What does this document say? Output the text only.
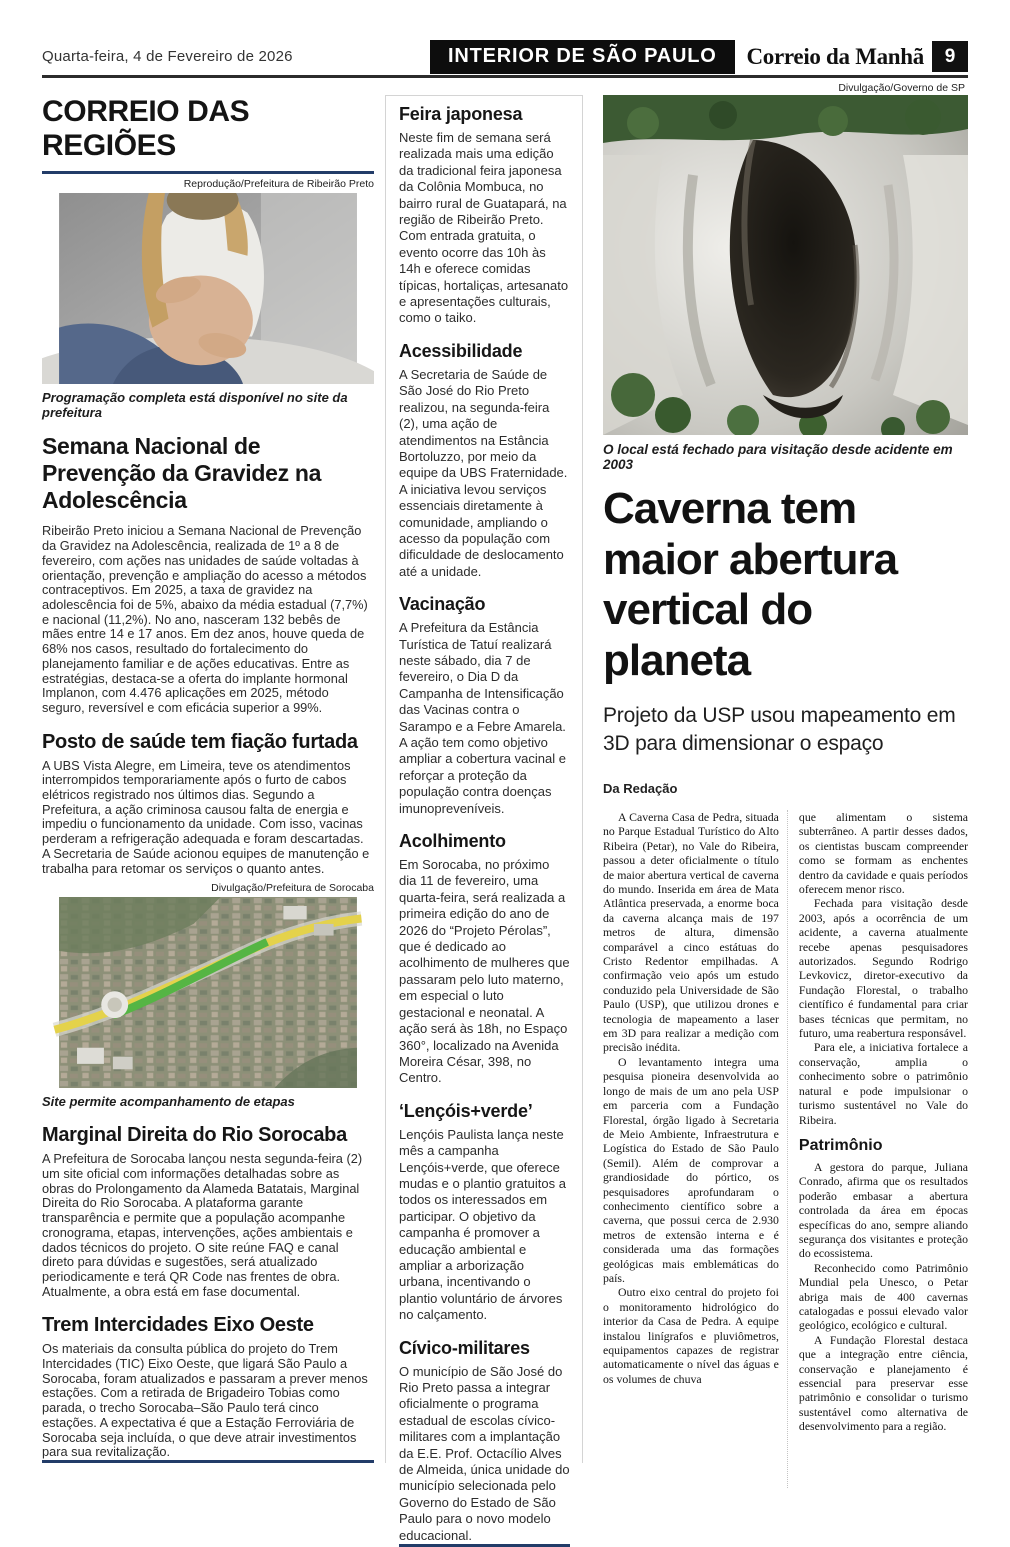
Quarta-feira, 4 de Fevereiro de 2026	INTERIOR DE SÃO PAULO	Correio da Manhã	9
Divulgação/Governo de SP
CORREIO DAS REGIÕES
Reprodução/Prefeitura de Ribeirão Preto
Programação completa está disponível no site da prefeitura
Semana Nacional de Prevenção da Gravidez na Adolescência

Ribeirão Preto iniciou a Semana Nacional de Prevenção da Gravidez na Adolescência, realizada de 1º a 8 de fevereiro, com ações nas unidades de saúde voltadas à orientação, prevenção e ampliação do acesso a métodos contraceptivos. Em 2025, a taxa de gravidez na adolescência foi de 5%, abaixo da média estadual (7,7%) e nacional (11,2%). No ano, nasceram 132 bebês de mães entre 14 e 17 anos. Em dez anos, houve queda de 68% nos casos, resultado do fortalecimento do planejamento familiar e de ações educativas. Entre as estratégias, destaca-se a oferta do implante hormonal Implanon, com 4.476 aplicações em 2025, método seguro, reversível e com eficácia superior a 99%.

Posto de saúde tem fiação furtada

A UBS Vista Alegre, em Limeira, teve os atendimentos interrompidos temporariamente após o furto de cabos elétricos registrado nos últimos dias. Segundo a Prefeitura, a ação criminosa causou falta de energia e impediu o funcionamento da unidade. Com isso, vacinas perderam a refrigeração adequada e foram descartadas. A Secretaria de Saúde acionou equipes de manutenção e trabalha para retomar os serviços o quanto antes.

Divulgação/Prefeitura de Sorocaba
Site permite acompanhamento de etapas
Marginal Direita do Rio Sorocaba

A Prefeitura de Sorocaba lançou nesta segunda-feira (2) um site oficial com informações detalhadas sobre as obras do Prolongamento da Alameda Batatais, Marginal Direita do Rio Sorocaba. A plataforma garante transparência e permite que a população acompanhe cronograma, etapas, intervenções, ações ambientais e dados técnicos do projeto. O site reúne FAQ e canal direto para dúvidas e sugestões, será atualizado periodicamente e terá QR Code nas frentes de obra. Atualmente, a obra está em fase documental.

Trem Intercidades Eixo Oeste

Os materiais da consulta pública do projeto do Trem Intercidades (TIC) Eixo Oeste, que ligará São Paulo a Sorocaba, foram atualizados e passaram a prever menos estações. Com a retirada de Brigadeiro Tobias como parada, o trecho Sorocaba–São Paulo terá cinco estações. A expectativa é que a Estação Ferroviária de Sorocaba seja incluída, o que deve atrair investimentos para sua revitalização.

Feira japonesa

Neste fim de semana será realizada mais uma edição da tradicional feira japonesa da Colônia Mombuca, no bairro rural de Guatapará, na região de Ribeirão Preto. Com entrada gratuita, o evento ocorre das 10h às 14h e oferece comidas típicas, hortaliças, artesanato e apresentações culturais, como o taiko.

Acessibilidade

A Secretaria de Saúde de São José do Rio Preto realizou, na segunda-feira (2), uma ação de atendimentos na Estância Bortoluzzo, por meio da equipe da UBS Fraternidade. A iniciativa levou serviços essenciais diretamente à comunidade, ampliando o acesso da população com dificuldade de deslocamento até a unidade.

Vacinação

A Prefeitura da Estância Turística de Tatuí realizará neste sábado, dia 7 de fevereiro, o Dia D da Campanha de Intensificação das Vacinas contra o Sarampo e a Febre Amarela. A ação tem como objetivo ampliar a cobertura vacinal e reforçar a proteção da população contra doenças imunopreveníveis.

Acolhimento

Em Sorocaba, no próximo dia 11 de fevereiro, uma quarta-feira, será realizada a primeira edição do ano de 2026 do “Projeto Pérolas”, que é dedicado ao acolhimento de mulheres que passaram pelo luto materno, em especial o luto gestacional e neonatal. A ação será às 18h, no Espaço 360°, localizado na Avenida Moreira César, 398, no Centro.

‘Lençóis+verde’

Lençóis Paulista lança neste mês a campanha Lençóis+verde, que oferece mudas e o plantio gratuitos a todos os interessados em participar. O objetivo da campanha é promover a educação ambiental e ampliar a arborização urbana, incentivando o plantio voluntário de árvores no calçamento.

Cívico-militares

O município de São José do Rio Preto passa a integrar oficialmente o programa estadual de escolas cívico-militares com a implantação da E.E. Prof. Octacílio Alves de Almeida, única unidade do município selecionada pelo Governo do Estado de São Paulo para o novo modelo educacional.

O local está fechado para visitação desde acidente em 2003
Caverna tem maior abertura vertical do planeta
Projeto da USP usou mapeamento em 3D para dimensionar o espaço
Da Redação

A Caverna Casa de Pedra, situada no Parque Estadual Turístico do Alto Ribeira (Petar), no Vale do Ribeira, passou a deter oficialmente o título de maior abertura vertical de caverna do mundo. Inserida em área de Mata Atlântica preservada, a enorme boca da caverna alcança mais de 197 metros de altura, dimensão comparável a cinco estátuas do Cristo Redentor empilhadas. A confirmação veio após um estudo conduzido pela Universidade de São Paulo (USP), que utilizou drones e tecnologia de mapeamento a laser em 3D para realizar a medição com precisão inédita.

O levantamento integra uma pesquisa pioneira desenvolvida ao longo de mais de um ano pela USP em parceria com a Fundação Florestal, órgão ligado à Secretaria de Meio Ambiente, Infraestrutura e Logística do Estado de São Paulo (Semil). Além de comprovar a grandiosidade do pórtico, os pesquisadores aprofundaram o conhecimento científico sobre a caverna, que possui cerca de 2.930 metros de extensão interna e é considerada uma das formações geológicas mais emblemáticas do país.

Outro eixo central do projeto foi o monitoramento hidrológico do interior da Casa de Pedra. A equipe instalou linígrafos e pluviômetros, equipamentos capazes de registrar automaticamente o nível das águas e os volumes de chuva

que alimentam o sistema subterrâneo. A partir desses dados, os cientistas buscam compreender como se formam as enchentes dentro da cavidade e quais períodos oferecem menor risco.

Fechada para visitação desde 2003, após a ocorrência de um acidente, a caverna atualmente recebe apenas pesquisadores autorizados. Segundo Rodrigo Levkovicz, diretor-executivo da Fundação Florestal, o trabalho científico é fundamental para criar bases técnicas que permitam, no futuro, uma reabertura responsável.

Para ele, a iniciativa fortalece a conservação, amplia o conhecimento sobre o patrimônio natural e pode impulsionar o turismo sustentável no Vale do Ribeira.

Patrimônio

A gestora do parque, Juliana Conrado, afirma que os resultados poderão embasar a abertura controlada da área em épocas específicas do ano, sempre aliando segurança dos visitantes e proteção do ecossistema.

Reconhecido como Patrimônio Mundial pela Unesco, o Petar abriga mais de 400 cavernas catalogadas e possui elevado valor geológico, ecológico e cultural.

A Fundação Florestal destaca que a integração entre ciência, conservação e planejamento é essencial para preservar esse patrimônio e consolidar o turismo sustentável como alternativa de desenvolvimento para a região.
